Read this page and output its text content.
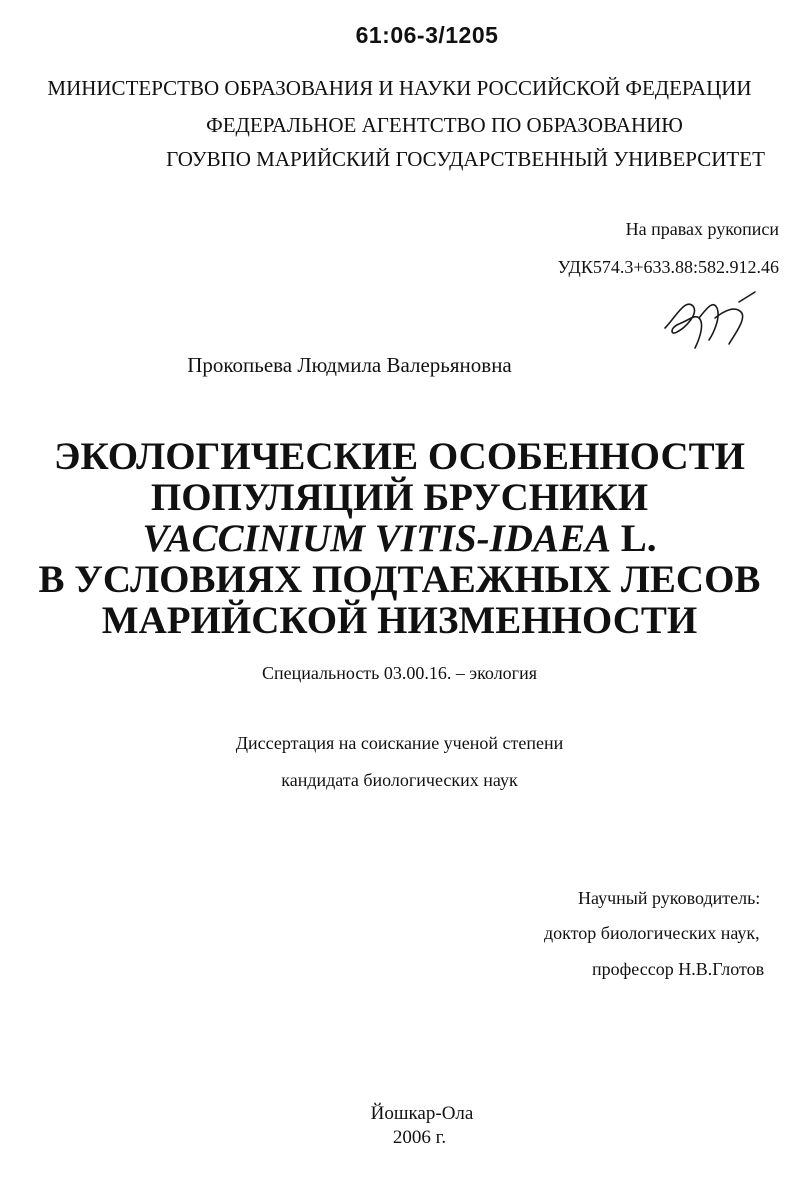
61:06-3/1205
МИНИСТЕРСТВО ОБРАЗОВАНИЯ И НАУКИ РОССИЙСКОЙ ФЕДЕРАЦИИ
ФЕДЕРАЛЬНОЕ АГЕНТСТВО ПО ОБРАЗОВАНИЮ
ГОУВПО МАРИЙСКИЙ ГОСУДАРСТВЕННЫЙ УНИВЕРСИТЕТ
На правах рукописи
УДК574.3+633.88:582.912.46
Прокопьева Людмила Валерьяновна
ЭКОЛОГИЧЕСКИЕ ОСОБЕННОСТИ
ПОПУЛЯЦИЙ БРУСНИКИ
VACCINIUM VITIS-IDAEA L.
В УСЛОВИЯХ ПОДТАЕЖНЫХ ЛЕСОВ
МАРИЙСКОЙ НИЗМЕННОСТИ
Специальность 03.00.16. – экология
Диссертация на соискание ученой степени
кандидата биологических наук
Научный руководитель:
доктор биологических наук,
профессор Н.В.Глотов
Йошкар-Ола
2006 г.
